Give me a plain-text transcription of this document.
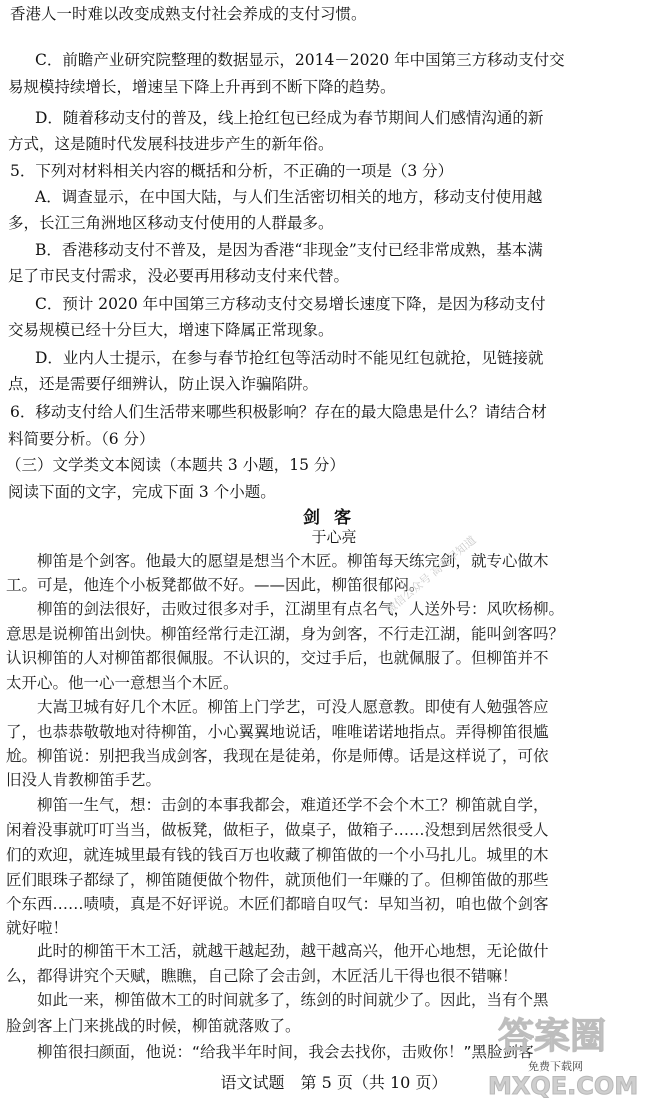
香港人一时难以改变成熟支付社会养成的支付习惯。

　　C．前瞻产业研究院整理的数据显示，2014－2020 年中国第三方移动支付交

易规模持续增长，增速呈下降上升再到不断下降的趋势。

　　D．随着移动支付的普及，线上抢红包已经成为春节期间人们感情沟通的新

方式，这是随时代发展科技进步产生的新年俗。

5．下列对材料相关内容的概括和分析，不正确的一项是（3 分）

　　A．调查显示，在中国大陆，与人们生活密切相关的地方，移动支付使用越

多，长江三角洲地区移动支付使用的人群最多。

　　B．香港移动支付不普及，是因为香港“非现金”支付已经非常成熟，基本满

足了市民支付需求，没必要再用移动支付来代替。

　　C．预计 2020 年中国第三方移动支付交易增长速度下降，是因为移动支付

交易规模已经十分巨大，增速下降属正常现象。

　　D．业内人士提示，在参与春节抢红包等活动时不能见红包就抢，见链接就

点，还是需要仔细辨认，防止误入诈骗陷阱。

6．移动支付给人们生活带来哪些积极影响？存在的最大隐患是什么？请结合材

料简要分析。（6 分）

（三）文学类文本阅读（本题共 3 小题，15 分）

阅读下面的文字，完成下面 3 个小题。

剑客
于心亮

　　柳笛是个剑客。他最大的愿望是想当个木匠。柳笛每天练完剑，就专心做木

工。可是，他连个小板凳都做不好。——因此，柳笛很郁闷。

　　柳笛的剑法很好，击败过很多对手，江湖里有点名气，人送外号：风吹杨柳。

意思是说柳笛出剑快。柳笛经常行走江湖，身为剑客，不行走江湖，能叫剑客吗？

认识柳笛的人对柳笛都很佩服。不认识的，交过手后，也就佩服了。但柳笛并不

太开心。他一心一意想当个木匠。

　　大嵩卫城有好几个木匠。柳笛上门学艺，可没人愿意教。即使有人勉强答应

了，也恭恭敬敬地对待柳笛，小心翼翼地说话，唯唯诺诺地指点。弄得柳笛很尴

尬。柳笛说：别把我当成剑客，我现在是徒弟，你是师傅。话是这样说了，可依

旧没人肯教柳笛手艺。

　　柳笛一生气，想：击剑的本事我都会，难道还学不会个木工？柳笛就自学，

闲着没事就叮叮当当，做板凳，做柜子，做桌子，做箱子……没想到居然很受人

们的欢迎，就连城里最有钱的钱百万也收藏了柳笛做的一个小马扎儿。城里的木

匠们眼珠子都绿了，柳笛随便做个物件，就顶他们一年赚的了。但柳笛做的那些

个东西……啧啧，真是不好评说。木匠们都暗自叹气：早知当初，咱也做个剑客

就好啦！

　　此时的柳笛干木工活，就越干越起劲，越干越高兴，他开心地想，无论做什

么，都得讲究个天赋，瞧瞧，自己除了会击剑，木匠活儿干得也很不错嘛！

　　如此一来，柳笛做木工的时间就多了，练剑的时间就少了。因此，当有个黑

脸剑客上门来挑战的时候，柳笛就落败了。

　　柳笛很扫颜面，他说：“给我半年时间，我会去找你，击败你！”黑脸剑客

语文试题　第 5 页（共 10 页）
微信公众号 高考早知道
答案圈
免费下载网
MXQE.COM
